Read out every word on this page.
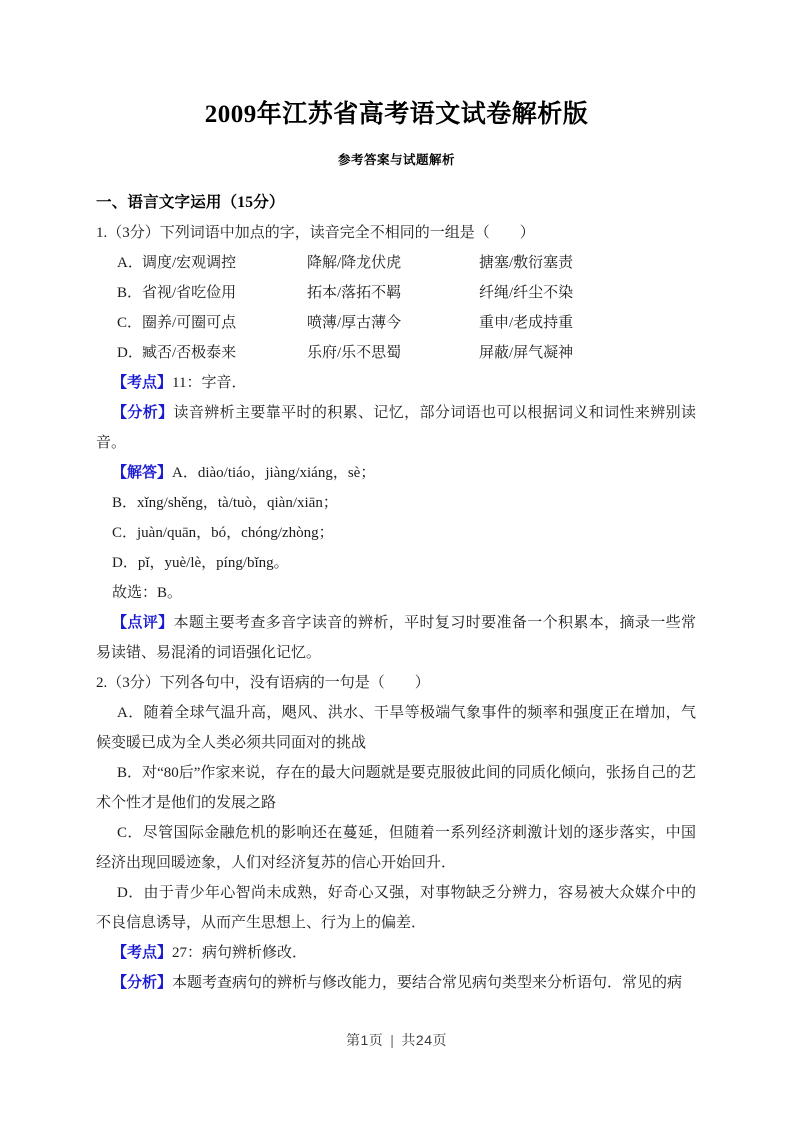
2009年江苏省高考语文试卷解析版
参考答案与试题解析
一、语言文字运用（15分）
1.（3分）下列词语中加点的字，读音完全不相同的一组是（　　）
A．调度/宏观调控	降解/降龙伏虎	搪塞/敷衍塞责
B．省视/省吃俭用	拓本/落拓不羁	纤绳/纤尘不染
C．圈养/可圈可点	喷薄/厚古薄今	重申/老成持重
D．臧否/否极泰来	乐府/乐不思蜀	屏蔽/屏气凝神
【考点】11：字音．
【分析】读音辨析主要靠平时的积累、记忆，部分词语也可以根据词义和词性来辨别读音。
【解答】A．diào/tiáo，jiàng/xiáng，sè；
B．xǐng/shěng，tà/tuò，qiàn/xiān；
C．juàn/quān，bó，chóng/zhòng；
D．pǐ，yuè/lè，píng/bǐng。
故选：B。
【点评】本题主要考查多音字读音的辨析，平时复习时要准备一个积累本，摘录一些常易读错、易混淆的词语强化记忆。
2.（3分）下列各句中，没有语病的一句是（　　）
A．随着全球气温升高，飓风、洪水、干旱等极端气象事件的频率和强度正在增加，气候变暖已成为全人类必须共同面对的挑战
B．对“80后”作家来说，存在的最大问题就是要克服彼此间的同质化倾向，张扬自己的艺术个性才是他们的发展之路
C．尽管国际金融危机的影响还在蔓延，但随着一系列经济刺激计划的逐步落实，中国经济出现回暖迹象，人们对经济复苏的信心开始回升．
D．由于青少年心智尚未成熟，好奇心又强，对事物缺乏分辨力，容易被大众媒介中的不良信息诱导，从而产生思想上、行为上的偏差．
【考点】27：病句辨析修改．
【分析】本题考查病句的辨析与修改能力，要结合常见病句类型来分析语句．常见的病
第1页 | 共24页
